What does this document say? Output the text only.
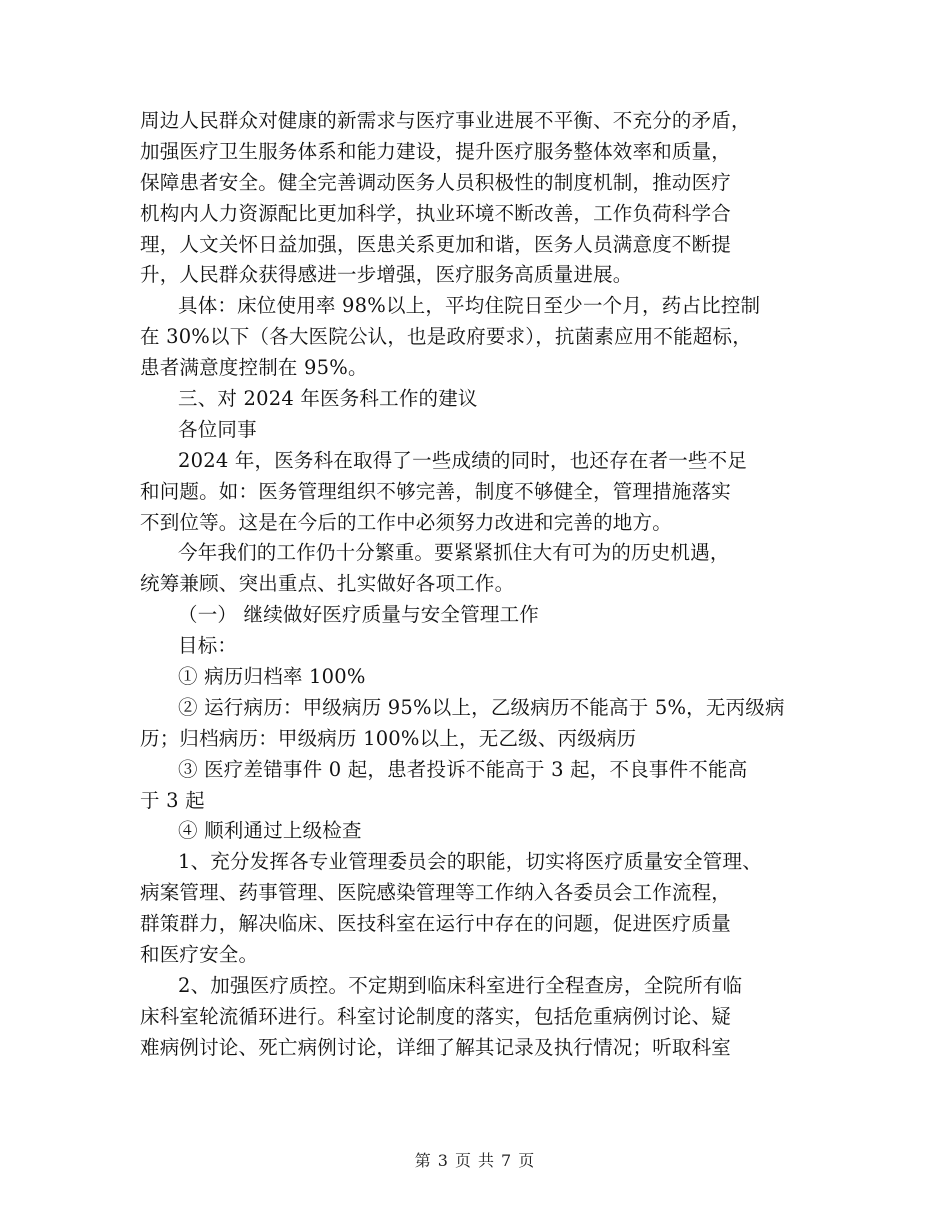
周边人民群众对健康的新需求与医疗事业进展不平衡、不充分的矛盾，
加强医疗卫生服务体系和能力建设，提升医疗服务整体效率和质量，
保障患者安全。健全完善调动医务人员积极性的制度机制，推动医疗
机构内人力资源配比更加科学，执业环境不断改善，工作负荷科学合
理，人文关怀日益加强，医患关系更加和谐，医务人员满意度不断提
升，人民群众获得感进一步增强，医疗服务高质量进展。
具体：床位使用率 98%以上，平均住院日至少一个月，药占比控制
在 30%以下（各大医院公认，也是政府要求），抗菌素应用不能超标，
患者满意度控制在 95%。
三、对 2024 年医务科工作的建议
各位同事
2024 年，医务科在取得了一些成绩的同时，也还存在者一些不足
和问题。如：医务管理组织不够完善，制度不够健全，管理措施落实
不到位等。这是在今后的工作中必须努力改进和完善的地方。
今年我们的工作仍十分繁重。要紧紧抓住大有可为的历史机遇，
统筹兼顾、突出重点、扎实做好各项工作。
（一） 继续做好医疗质量与安全管理工作
目标：
① 病历归档率 100%
② 运行病历：甲级病历 95%以上，乙级病历不能高于 5%，无丙级病
历；归档病历：甲级病历 100%以上，无乙级、丙级病历
③ 医疗差错事件 0 起，患者投诉不能高于 3 起，不良事件不能高
于 3 起
④ 顺利通过上级检查
1、充分发挥各专业管理委员会的职能，切实将医疗质量安全管理、
病案管理、药事管理、医院感染管理等工作纳入各委员会工作流程，
群策群力，解决临床、医技科室在运行中存在的问题，促进医疗质量
和医疗安全。
2、加强医疗质控。不定期到临床科室进行全程查房，全院所有临
床科室轮流循环进行。科室讨论制度的落实，包括危重病例讨论、疑
难病例讨论、死亡病例讨论，详细了解其记录及执行情况；听取科室
第 3 页 共 7 页
